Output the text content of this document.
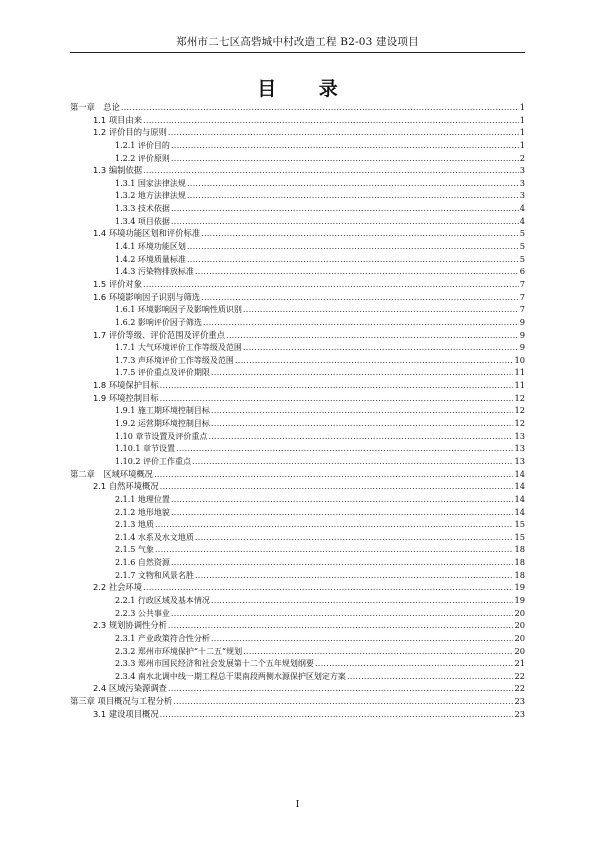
郑州市二七区高砦城中村改造工程 B2-03 建设项目
目 录
第一章　总论 .....	1
1.1 项目由来 .....	1
1.2 评价目的与原则 .....	1
1.2.1 评价目的 .....	1
1.2.2 评价原则 .....	2
1.3 编制依据 .....	3
1.3.1 国家法律法规 .....	3
1.3.2 地方法律法规 .....	3
1.3.3 技术依据 .....	4
1.3.4 项目依据 .....	4
1.4 环境功能区划和评价标准 .....	5
1.4.1 环境功能区划 .....	5
1.4.2 环境质量标准 .....	5
1.4.3 污染物排放标准 .....	6
1.5 评价对象 .....	7
1.6 环境影响因子识别与筛选 .....	7
1.6.1 环境影响因子及影响性质识别 .....	7
1.6.2 影响评价因子筛选 .....	9
1.7 评价等级、评价范围及评价重点 .....	9
1.7.1 大气环境评价工作等级及范围 .....	9
1.7.3 声环境评价工作等级及范围 .....	10
1.7.5 评价重点及评价期限 .....	11
1.8 环境保护目标 .....	11
1.9 环境控制目标 .....	12
1.9.1 施工期环境控制目标 .....	12
1.9.2 运营期环境控制目标 .....	12
1.10 章节设置及评价重点 .....	13
1.10.1 章节设置 .....	13
1.10.2 评价工作重点 .....	13
第二章　区域环境概况 .....	14
2.1 自然环境概况 .....	14
2.1.1 地理位置 .....	14
2.1.2 地形地貌 .....	14
2.1.3 地质 .....	15
2.1.4 水系及水文地质 .....	15
2.1.5 气象 .....	18
2.1.6 自然资源 .....	18
2.1.7 文物和风景名胜 .....	18
2.2 社会环境 .....	19
2.2.1 行政区域及基本情况 .....	19
2.2.3 公共事业 .....	20
2.3 规划协调性分析 .....	20
2.3.1 产业政策符合性分析 .....	20
2.3.2 郑州市环境保护“十二五”规划 .....	20
2.3.3 郑州市国民经济和社会发展第十二个五年规划纲要 .....	21
2.3.4 南水北调中线一期工程总干渠南段两侧水源保护区划定方案 .....	22
2.4 区域污染源调查 .....	22
第三章 项目概况与工程分析 .....	23
3.1 建设项目概况 .....	23
I
